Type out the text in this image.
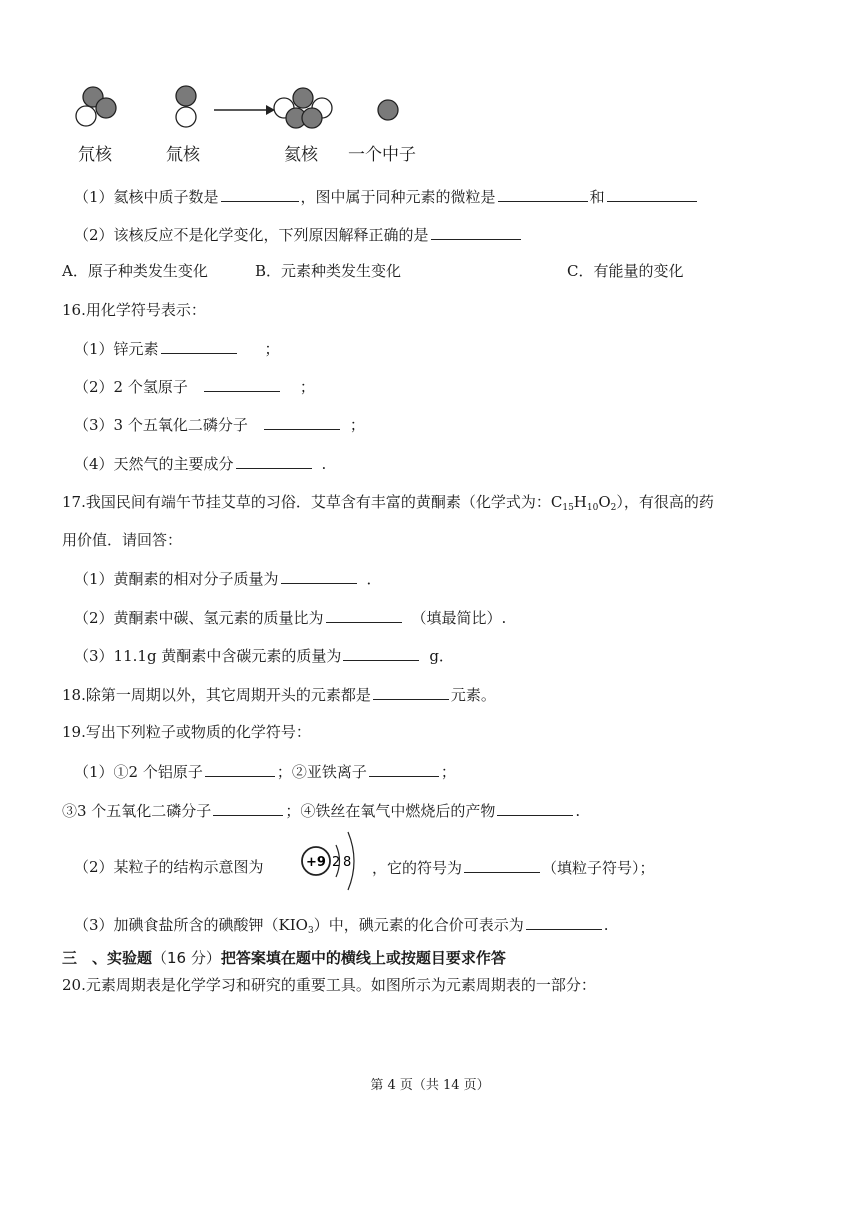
氘核	氚核	氦核 一个中子
（1）氦核中质子数是	，图中属于同种元素的微粒是	和
（2）该核反应不是化学变化，下列原因解释正确的是
A．原子种类发生变化	B．元素种类发生变化	C．有能量的变化
16.用化学符号表示：
（1）锌元素	；
（2）2 个氢原子	；
（3）3 个五氧化二磷分子	；
（4）天然气的主要成分	.
17.我国民间有端午节挂艾草的习俗．艾草含有丰富的黄酮素（化学式为：$C_{15}H_{10}O_2$），有很高的药
用价值．请回答：
（1）黄酮素的相对分子质量为	．
（2）黄酮素中碳、氢元素的质量比为	（填最简比）.
（3）11.1g 黄酮素中含碳元素的质量为	g．
18.除第一周期以外，其它周期开头的元素都是	元素。
19.写出下列粒子或物质的化学符号：
（1）①2 个铝原子	；②亚铁离子	；
③3 个五氧化二磷分子	；④铁丝在氧气中燃烧后的产物	.
（2）某粒子的结构示意图为	+9 2 8 ，它的符号为	（填粒子符号）；
（3）加碘食盐所含的碘酸钾$(KIO_3)$中，碘元素的化合价可表示为	.
三　、实验题（16 分）把答案填在题中的横线上或按题目要求作答
20.元素周期表是化学学习和研究的重要工具。如图所示为元素周期表的一部分：
第 4 页（共 14 页）
